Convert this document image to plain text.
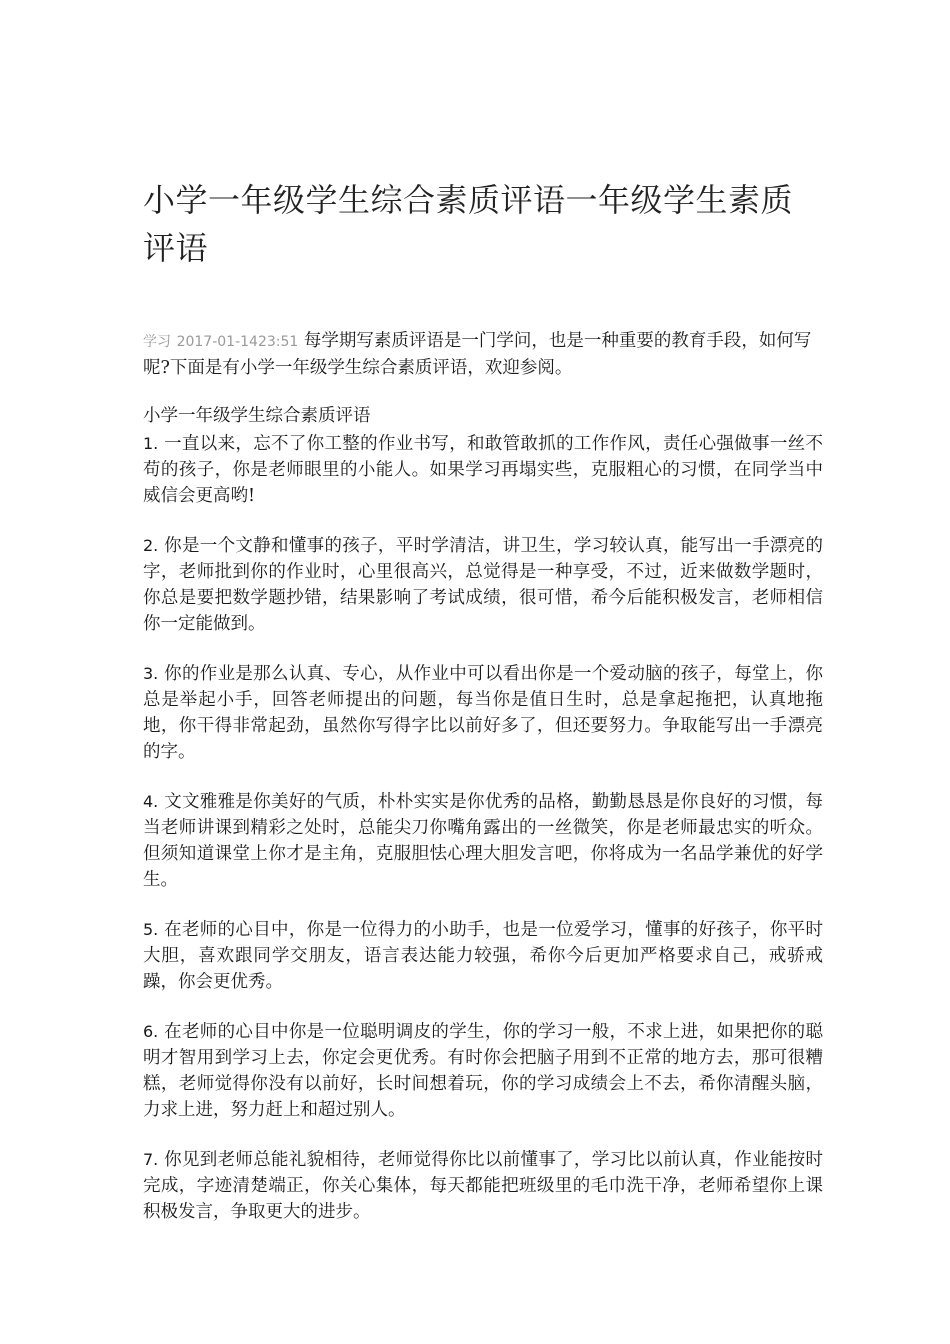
小学一年级学生综合素质评语一年级学生素质评语

学习 2017-01-1423:51 每学期写素质评语是一门学问，也是一种重要的教育手段，如何写呢?下面是有小学一年级学生综合素质评语，欢迎参阅。

小学一年级学生综合素质评语

1. 一直以来，忘不了你工整的作业书写，和敢管敢抓的工作作风，责任心强做事一丝不苟的孩子，你是老师眼里的小能人。如果学习再塌实些，克服粗心的习惯，在同学当中威信会更高哟!

2. 你是一个文静和懂事的孩子，平时学清洁，讲卫生，学习较认真，能写出一手漂亮的字，老师批到你的作业时，心里很高兴，总觉得是一种享受，不过，近来做数学题时，你总是要把数学题抄错，结果影响了考试成绩，很可惜，希今后能积极发言，老师相信你一定能做到。

3. 你的作业是那么认真、专心，从作业中可以看出你是一个爱动脑的孩子，每堂上，你总是举起小手，回答老师提出的问题，每当你是值日生时，总是拿起拖把，认真地拖地，你干得非常起劲，虽然你写得字比以前好多了，但还要努力。争取能写出一手漂亮的字。

4. 文文雅雅是你美好的气质，朴朴实实是你优秀的品格，勤勤恳恳是你良好的习惯，每当老师讲课到精彩之处时，总能尖刀你嘴角露出的一丝微笑，你是老师最忠实的听众。但须知道课堂上你才是主角，克服胆怯心理大胆发言吧，你将成为一名品学兼优的好学生。

5. 在老师的心目中，你是一位得力的小助手，也是一位爱学习，懂事的好孩子，你平时大胆，喜欢跟同学交朋友，语言表达能力较强，希你今后更加严格要求自己，戒骄戒躁，你会更优秀。

6. 在老师的心目中你是一位聪明调皮的学生，你的学习一般，不求上进，如果把你的聪明才智用到学习上去，你定会更优秀。有时你会把脑子用到不正常的地方去，那可很糟糕，老师觉得你没有以前好，长时间想着玩，你的学习成绩会上不去，希你清醒头脑，力求上进，努力赶上和超过别人。

7. 你见到老师总能礼貌相待，老师觉得你比以前懂事了，学习比以前认真，作业能按时完成，字迹清楚端正，你关心集体，每天都能把班级里的毛巾洗干净，老师希望你上课积极发言，争取更大的进步。
